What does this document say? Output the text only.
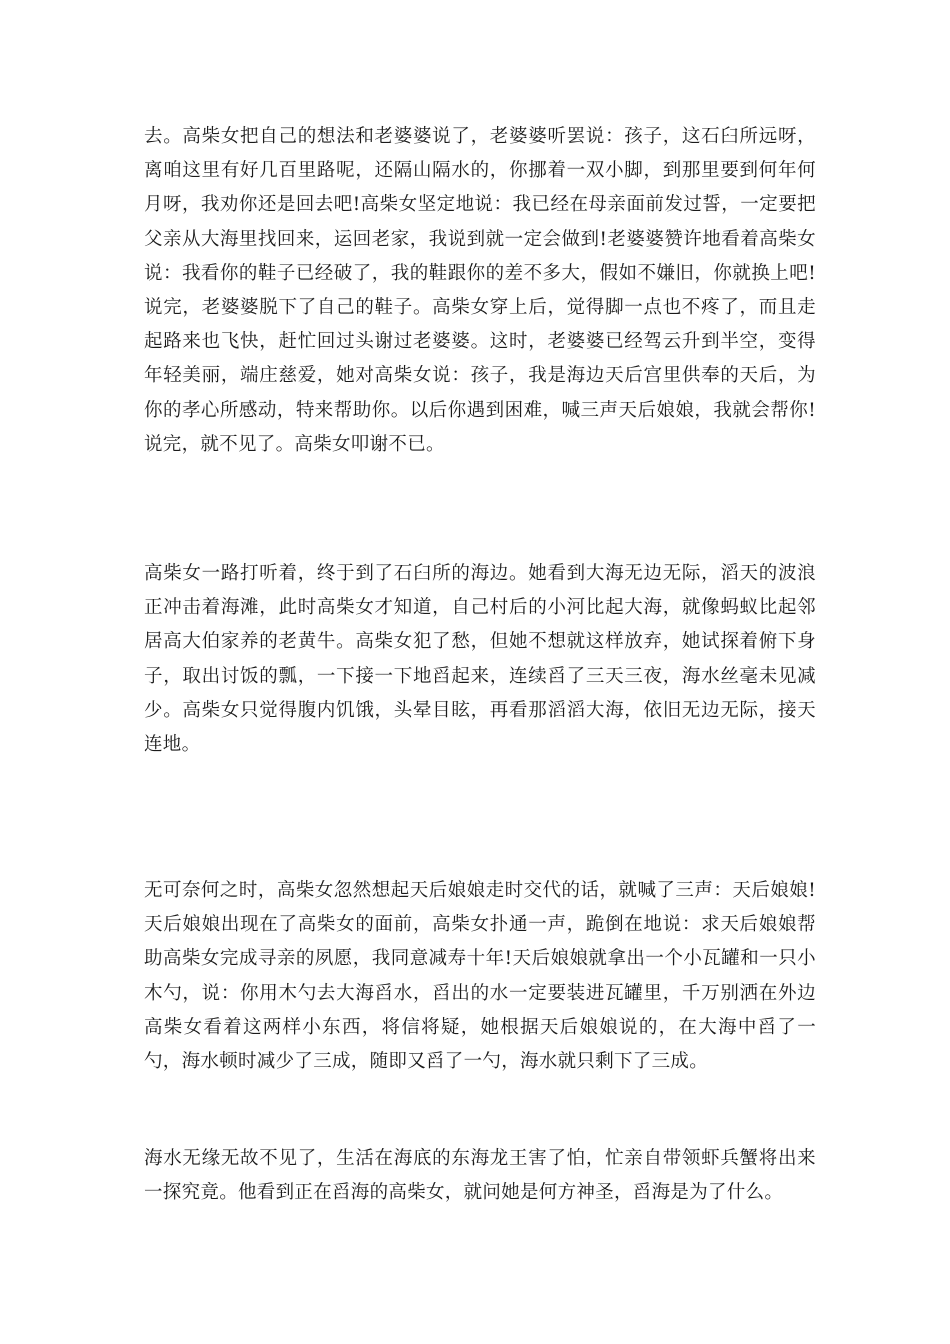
去。高柴女把自己的想法和老婆婆说了，老婆婆听罢说：孩子，这石臼所远呀，离咱这里有好几百里路呢，还隔山隔水的，你挪着一双小脚，到那里要到何年何月呀，我劝你还是回去吧!高柴女坚定地说：我已经在母亲面前发过誓，一定要把父亲从大海里找回来，运回老家，我说到就一定会做到!老婆婆赞许地看着高柴女说：我看你的鞋子已经破了，我的鞋跟你的差不多大，假如不嫌旧，你就换上吧!说完，老婆婆脱下了自己的鞋子。高柴女穿上后，觉得脚一点也不疼了，而且走起路来也飞快，赶忙回过头谢过老婆婆。这时，老婆婆已经驾云升到半空，变得年轻美丽，端庄慈爱，她对高柴女说：孩子，我是海边天后宫里供奉的天后，为你的孝心所感动，特来帮助你。以后你遇到困难，喊三声天后娘娘，我就会帮你!说完，就不见了。高柴女叩谢不已。

高柴女一路打听着，终于到了石臼所的海边。她看到大海无边无际，滔天的波浪正冲击着海滩，此时高柴女才知道，自己村后的小河比起大海，就像蚂蚁比起邻居高大伯家养的老黄牛。高柴女犯了愁，但她不想就这样放弃，她试探着俯下身子，取出讨饭的瓢，一下接一下地舀起来，连续舀了三天三夜，海水丝毫未见减少。高柴女只觉得腹内饥饿，头晕目眩，再看那滔滔大海，依旧无边无际，接天连地。

无可奈何之时，高柴女忽然想起天后娘娘走时交代的话，就喊了三声：天后娘娘!天后娘娘出现在了高柴女的面前，高柴女扑通一声，跪倒在地说：求天后娘娘帮助高柴女完成寻亲的夙愿，我同意减寿十年!天后娘娘就拿出一个小瓦罐和一只小木勺，说：你用木勺去大海舀水，舀出的水一定要装进瓦罐里，千万别洒在外边高柴女看着这两样小东西，将信将疑，她根据天后娘娘说的，在大海中舀了一勺，海水顿时减少了三成，随即又舀了一勺，海水就只剩下了三成。

海水无缘无故不见了，生活在海底的东海龙王害了怕，忙亲自带领虾兵蟹将出来一探究竟。他看到正在舀海的高柴女，就问她是何方神圣，舀海是为了什么。
